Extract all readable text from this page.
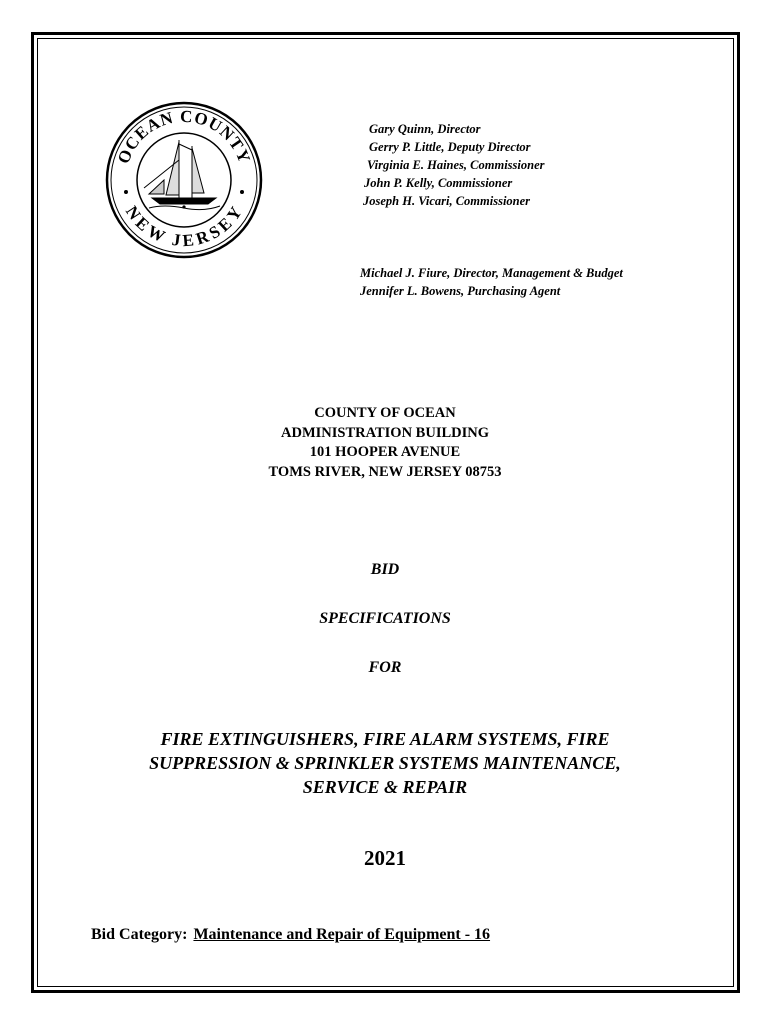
OCEAN COUNTY
NEW JERSEY
Gary Quinn, Director
Gerry P. Little, Deputy Director
Virginia E. Haines, Commissioner
John P. Kelly, Commissioner
Joseph H. Vicari, Commissioner
Michael J. Fiure, Director, Management & Budget
Jennifer L. Bowens, Purchasing Agent
COUNTY OF OCEAN
ADMINISTRATION BUILDING
101 HOOPER AVENUE
TOMS RIVER, NEW JERSEY 08753
BID
SPECIFICATIONS
FOR
FIRE EXTINGUISHERS, FIRE ALARM SYSTEMS, FIRE
SUPPRESSION & SPRINKLER SYSTEMS MAINTENANCE,
SERVICE & REPAIR
2021
Bid Category: Maintenance and Repair of Equipment - 16
